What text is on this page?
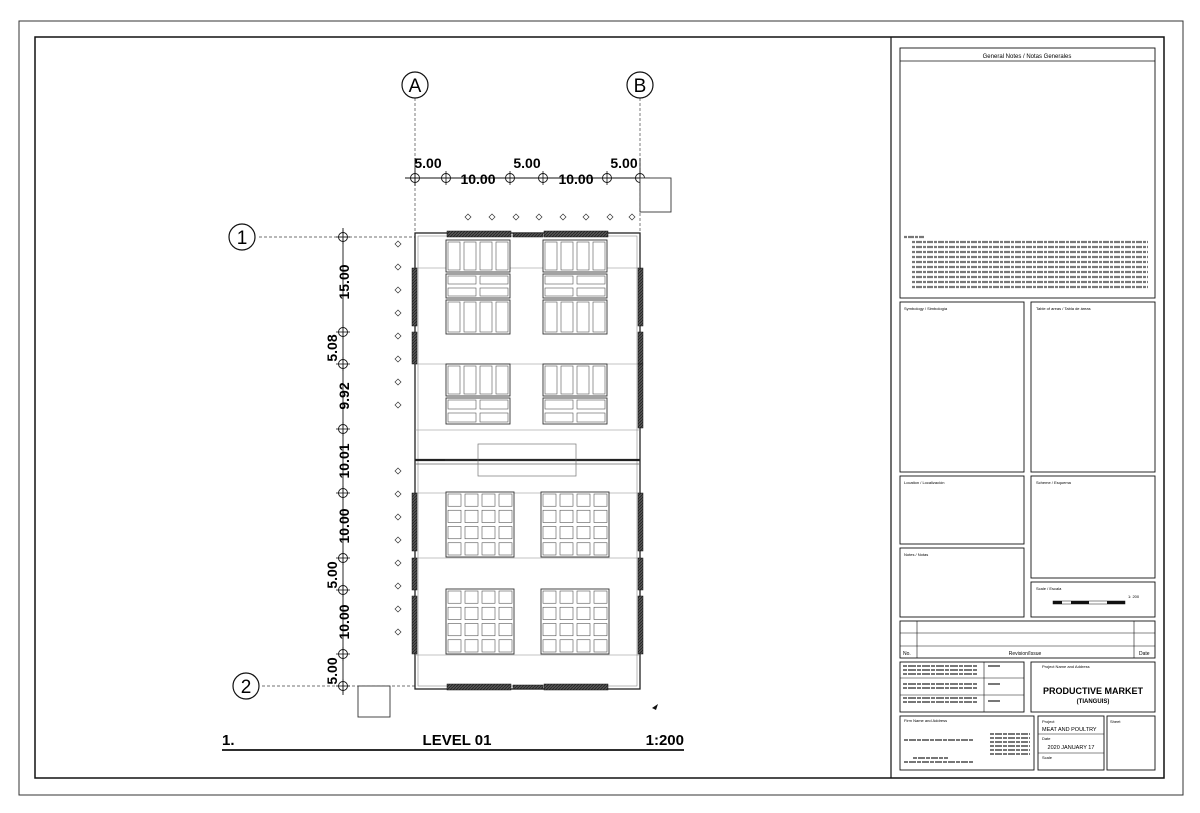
A	B
1
2
5.00
10.00
5.00
10.00
5.00
15.00
5.08
9.92
10.01
10.00
5.00
10.00
5.00
1.	LEVEL 01	1:200
General Notes / Notas Generales
Symbology / Simbología	Table of areas / Tabla de áreas
Location / Localización	Scheme / Esquema
Notes / Notas
Scale / Escala
1: 200
No.	Revision/Issue	Date
Project Name and Address
PRODUCTIVE MARKET
(TIANGUIS)
Firm Name and Address	Project
MEAT AND POULTRY
Date
2020 JANUARY 17
Scale
Sheet
